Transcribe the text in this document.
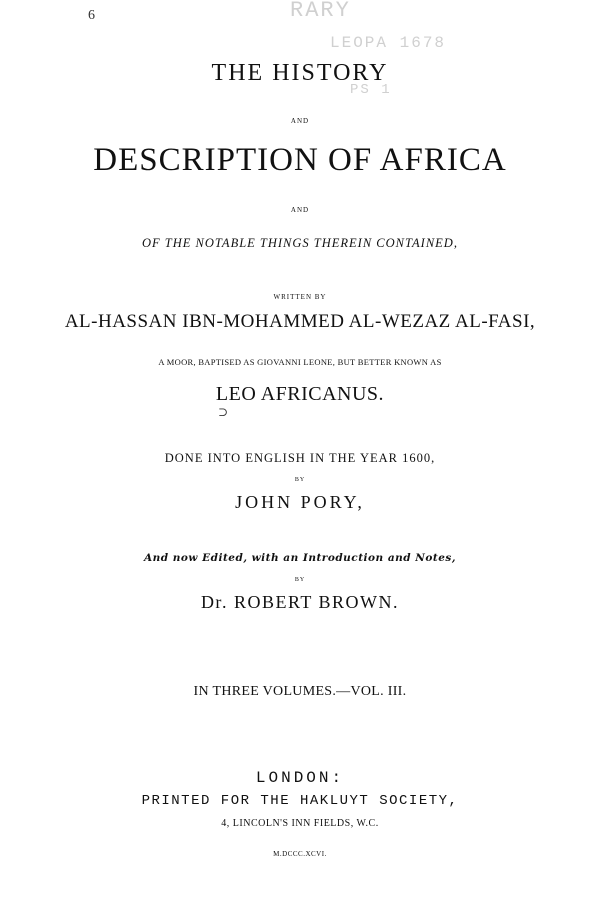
6	RARY
LEOPA 1678
PS 1
THE HISTORY
AND
DESCRIPTION OF AFRICA
AND
OF THE NOTABLE THINGS THEREIN CONTAINED,
WRITTEN BY
AL-HASSAN IBN-MOHAMMED AL-WEZAZ AL-FASI,
A MOOR, BAPTISED AS GIOVANNI LEONE, BUT BETTER KNOWN AS
⊃
LEO AFRICANUS.
DONE INTO ENGLISH IN THE YEAR 1600,
BY
JOHN PORY,
And now Edited, with an Introduction and Notes,
BY
Dr. ROBERT BROWN.
IN THREE VOLUMES.—VOL. III.
LONDON:
PRINTED FOR THE HAKLUYT SOCIETY,
4, LINCOLN'S INN FIELDS, W.C.
M.DCCC.XCVI.
